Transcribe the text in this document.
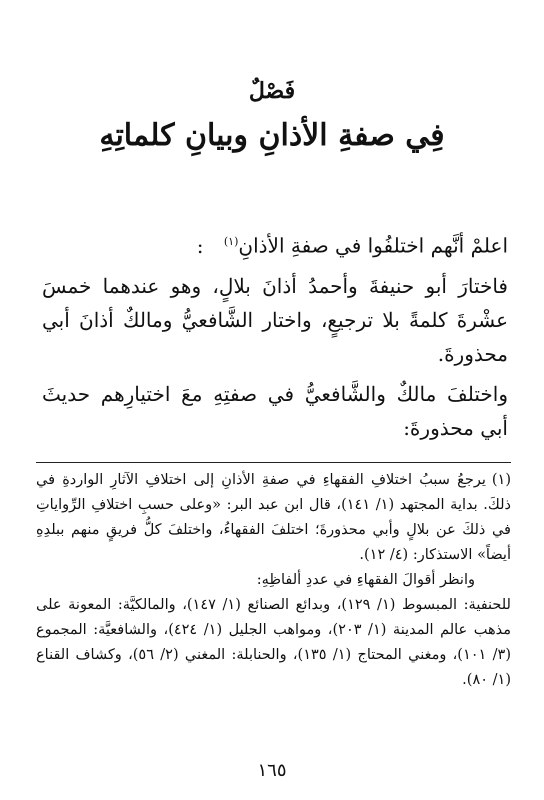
فَصْلٌ
فِي صفةِ الأذانِ وبيانِ كلماتِهِ

اعلمْ أنَّهم اختلفُوا في صفةِ الأذانِ$^{(١)}$ :

فاختارَ أبو حنيفةَ وأحمدُ أذانَ بلالٍ، وهو عندهما خمسَ عشْرةَ كلمةً بلا ترجيعٍ، واختار الشَّافعيُّ ومالكٌ أذانَ أبي محذورةَ.

واختلفَ مالكٌ والشَّافعيُّ في صفتِهِ معَ اختيارِهم حديثَ أبي محذورةَ:

(١)يرجعُ سببُ اختلافِ الفقهاءِ في صفةِ الأذانِ إلى اختلافِ الآثارِ الواردةِ في ذلكَ. بداية المجتهد (١/ ١٤١)، قال ابن عبد البر: «وعلى حسبِ اختلافِ الرِّواياتِ في ذلكَ عن بلالٍ وأبي محذورةَ؛ اختلفَ الفقهاءُ، واختلفَ كلُّ فريقٍ منهم ببلدِهِ أيضاً» الاستذكار: (٤/ ١٢).

وانظر أقوالَ الفقهاءِ في عددِ ألفاظِهِ:

للحنفية: المبسوط (١/ ١٢٩)، وبدائع الصنائع (١/ ١٤٧)، والمالكيَّة: المعونة على مذهب عالم المدينة (١/ ٢٠٣)، ومواهب الجليل (١/ ٤٢٤)، والشافعيَّة: المجموع (٣/ ١٠١)، ومغني المحتاج (١/ ١٣٥)، والحنابلة: المغني (٢/ ٥٦)، وكشاف القناع (١/ ٨٠).

١٦٥
